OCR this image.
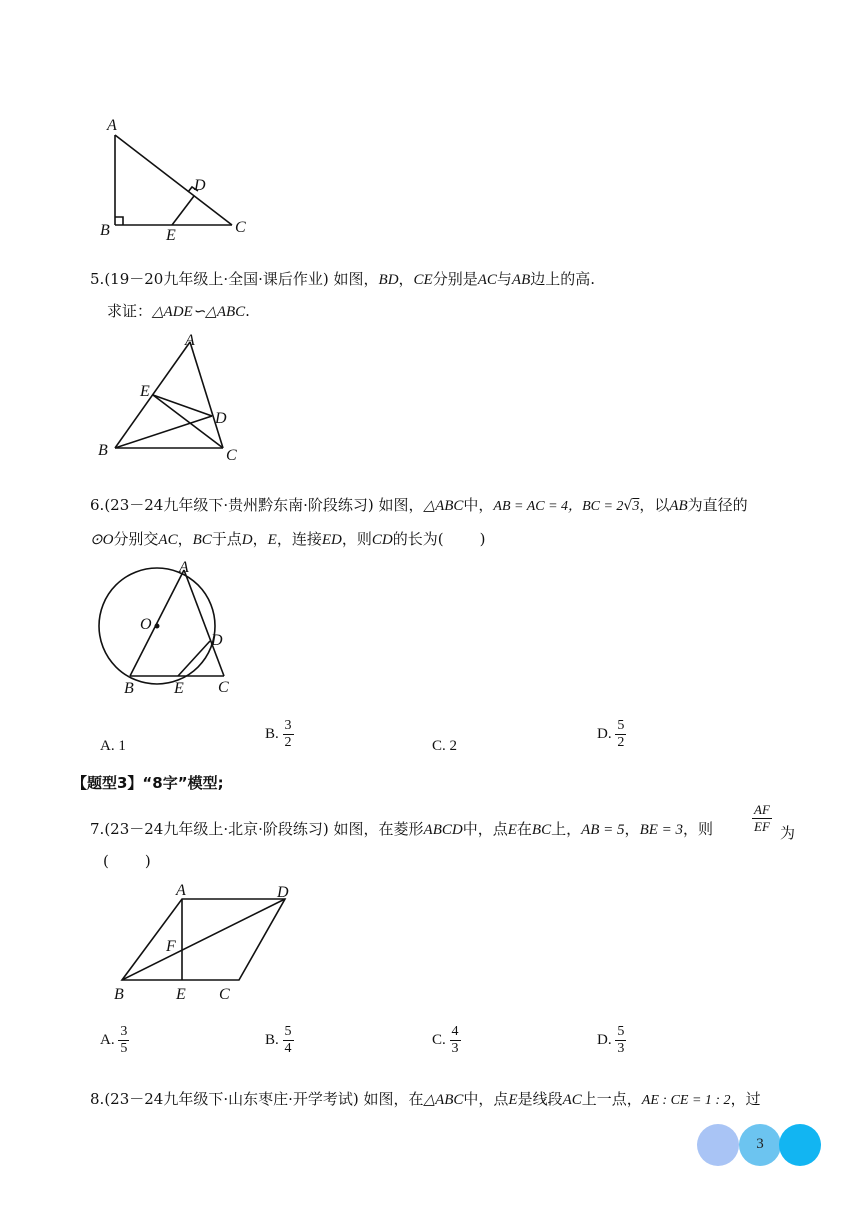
A
B	C
D
E
5.(19－20九年级上·全国·课后作业) 如图，BD，CE分别是AC与AB边上的高.
求证：△ADE∽△ABC.
A
B	C
D
E
6.(23－24九年级下·贵州黔东南·阶段练习) 如图，△ABC中，AB = AC = 4，BC = 2√3，以AB为直径的
⊙O分别交AC，BC于点D，E，连接ED，则CD的长为( )
A
B	C
D
E
O
A. 1
B. $\frac{3}{2}$	C. 2
D. $\frac{5}{2}$
【题型3】“8字”模型;
7.(23－24九年级上·北京·阶段练习) 如图，在菱形ABCD中，点E在BC上，AB = 5，BE = 3，则	$\frac{AF}{EF}$ 为
( )
A
B	C
D
E
F
A. $\frac{3}{5}$	B. $\frac{5}{4}$	C. $\frac{4}{3}$	D. $\frac{5}{3}$
8.(23－24九年级下·山东枣庄·开学考试) 如图，在△ABC中，点E是线段AC上一点，AE : CE = 1 : 2，过
3
